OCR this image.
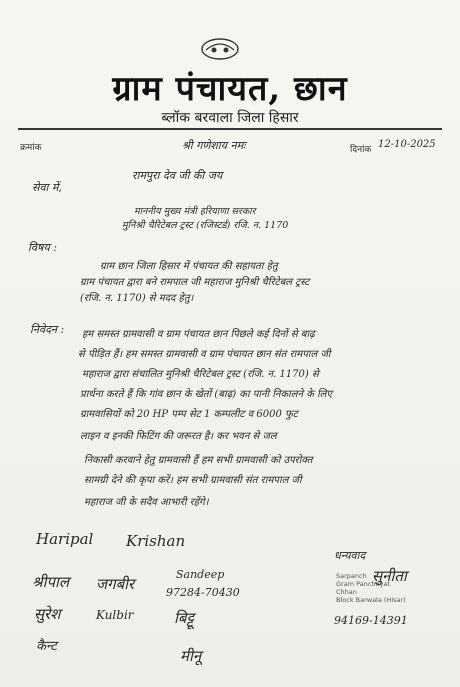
ग्राम पंचायत, छान
ब्लॉक बरवाला जिला हिसार
क्रमांक	श्री गणेशाय नमः	दिनांक 12-10-2025
रामपुरा देव जी की जय
सेवा में,
माननीय मुख्य मंत्री हरियाणा सरकार
मुनिश्री चैरिटेबल ट्रस्ट (रजिस्टर्ड) रजि. न. 1170
विषय :
ग्राम छान जिला हिसार में पंचायत की सहायता हेतु
ग्राम पंचायत द्वारा बने रामपाल जी महाराज मुनिश्री चैरिटेबल ट्रस्ट
(रजि. न. 1170) से मदद हेतु।
निवेदन : हम समस्त ग्रामवासी व ग्राम पंचायत छान पिछले कई दिनों से बाढ़
से पीड़ित हैं। हम समस्त ग्रामवासी व ग्राम पंचायत छान संत रामपाल जी
महाराज द्वारा संचालित मुनिश्री चैरिटेबल ट्रस्ट (रजि. न. 1170) से
प्रार्थना करते हैं कि गांव छान के खेतों (बाढ़) का पानी निकालने के लिए
ग्रामवासियों को 20 HP पम्प सेट 1 कम्पलीट व 6000 फुट
लाइन व इनकी फिटिंग की जरूरत है। कर भवन से जल
निकासी करवाने हेतु ग्रामवासी हैं हम सभी ग्रामवासी को उपरोक्त
सामग्री देने की कृपा करें। हम सभी ग्रामवासी संत रामपाल जी
महाराज जी के सदैव आभारी रहेंगे।
Haripal Krishan
श्रीपाल जगबीर
Sandeep
97284-70430
सुरेश	Kulbir	बिट्टू
कैन्ट
मीनू
धन्यवाद
सुनीता
Sarpanch
Gram Panchayat Chhan
Block Barwala (Hisar)
94169-14391
